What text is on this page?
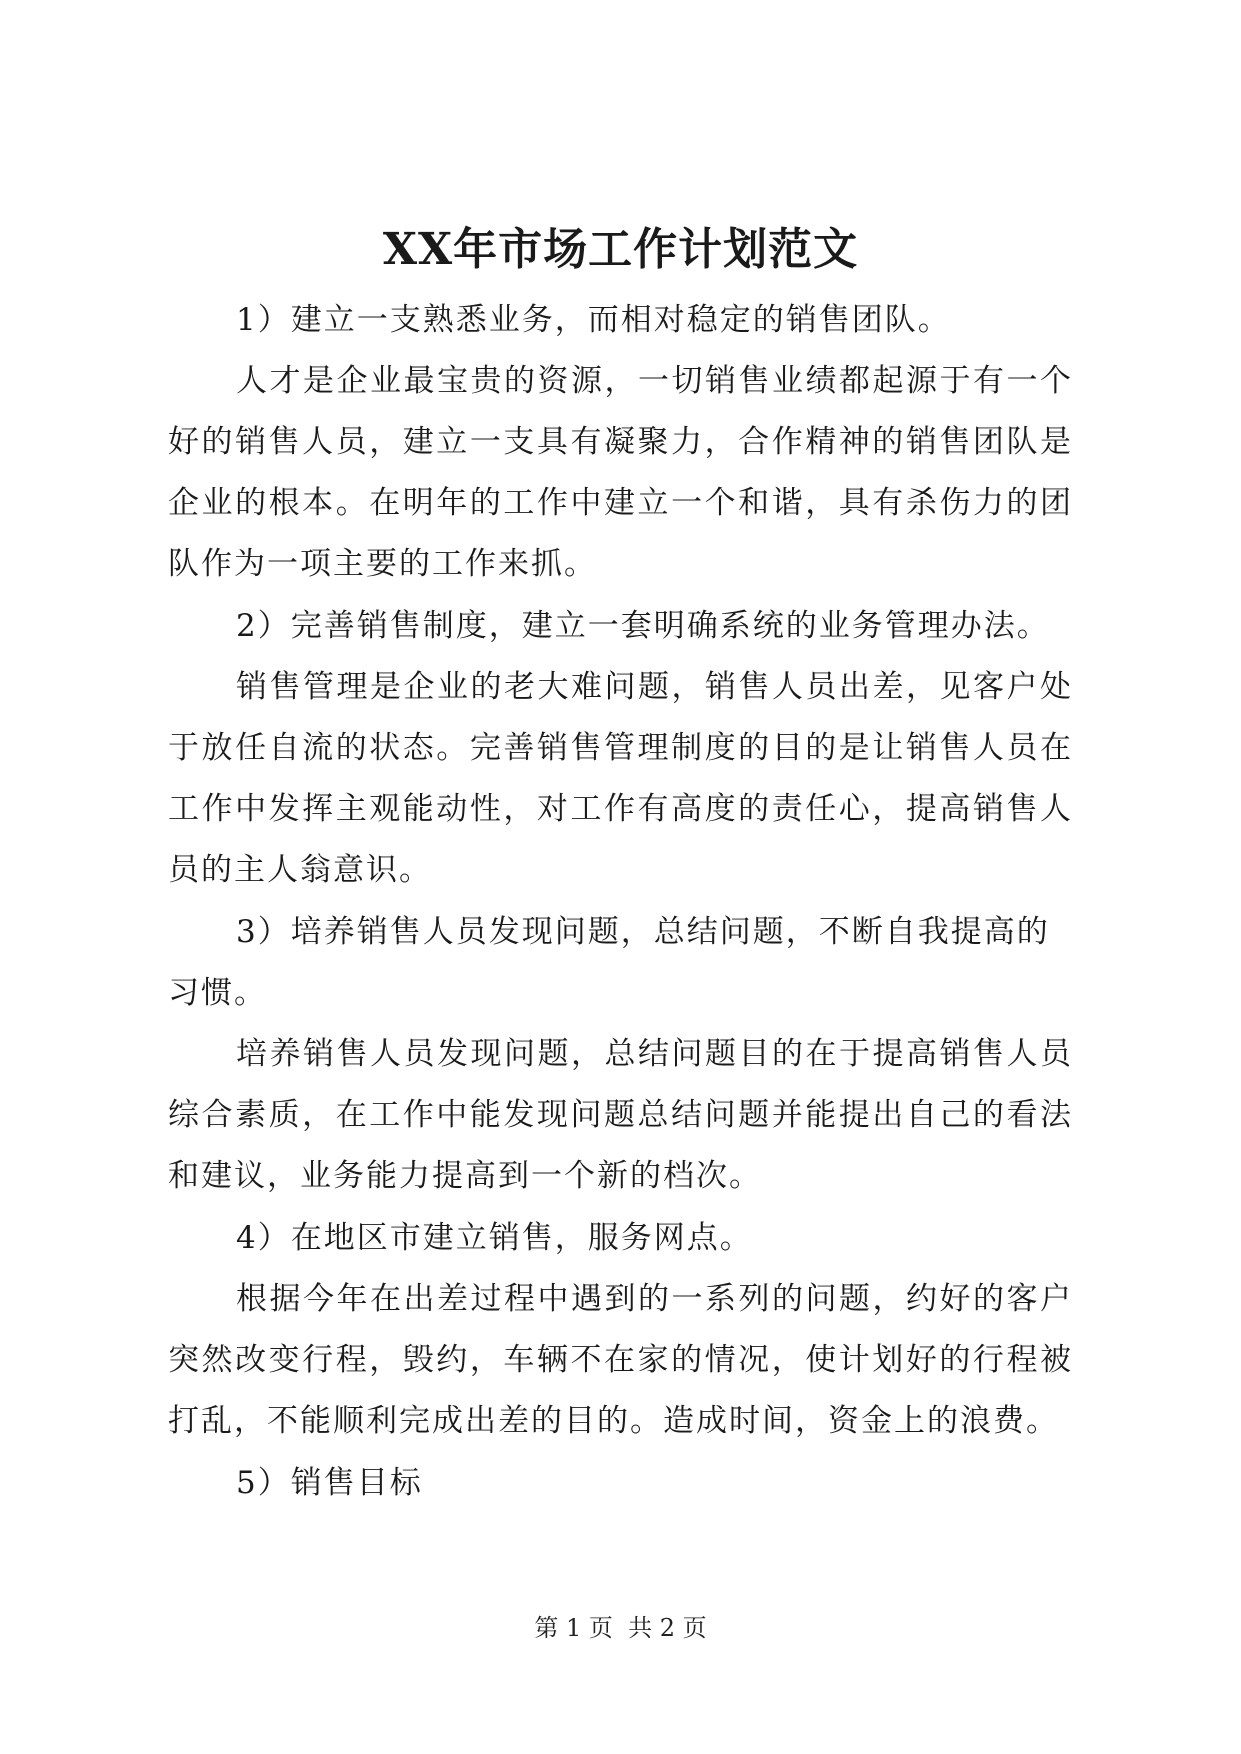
XX年市场工作计划范文

1）建立一支熟悉业务，而相对稳定的销售团队。

人才是企业最宝贵的资源，一切销售业绩都起源于有一个好的销售人员，建立一支具有凝聚力，合作精神的销售团队是企业的根本。在明年的工作中建立一个和谐，具有杀伤力的团队作为一项主要的工作来抓。

2）完善销售制度，建立一套明确系统的业务管理办法。

销售管理是企业的老大难问题，销售人员出差，见客户处于放任自流的状态。完善销售管理制度的目的是让销售人员在工作中发挥主观能动性，对工作有高度的责任心，提高销售人员的主人翁意识。

3）培养销售人员发现问题，总结问题，不断自我提高的习惯。

培养销售人员发现问题，总结问题目的在于提高销售人员综合素质，在工作中能发现问题总结问题并能提出自己的看法和建议，业务能力提高到一个新的档次。

4）在地区市建立销售，服务网点。

根据今年在出差过程中遇到的一系列的问题，约好的客户突然改变行程，毁约，车辆不在家的情况，使计划好的行程被打乱，不能顺利完成出差的目的。造成时间，资金上的浪费。

5）销售目标

第 1 页  共 2 页
